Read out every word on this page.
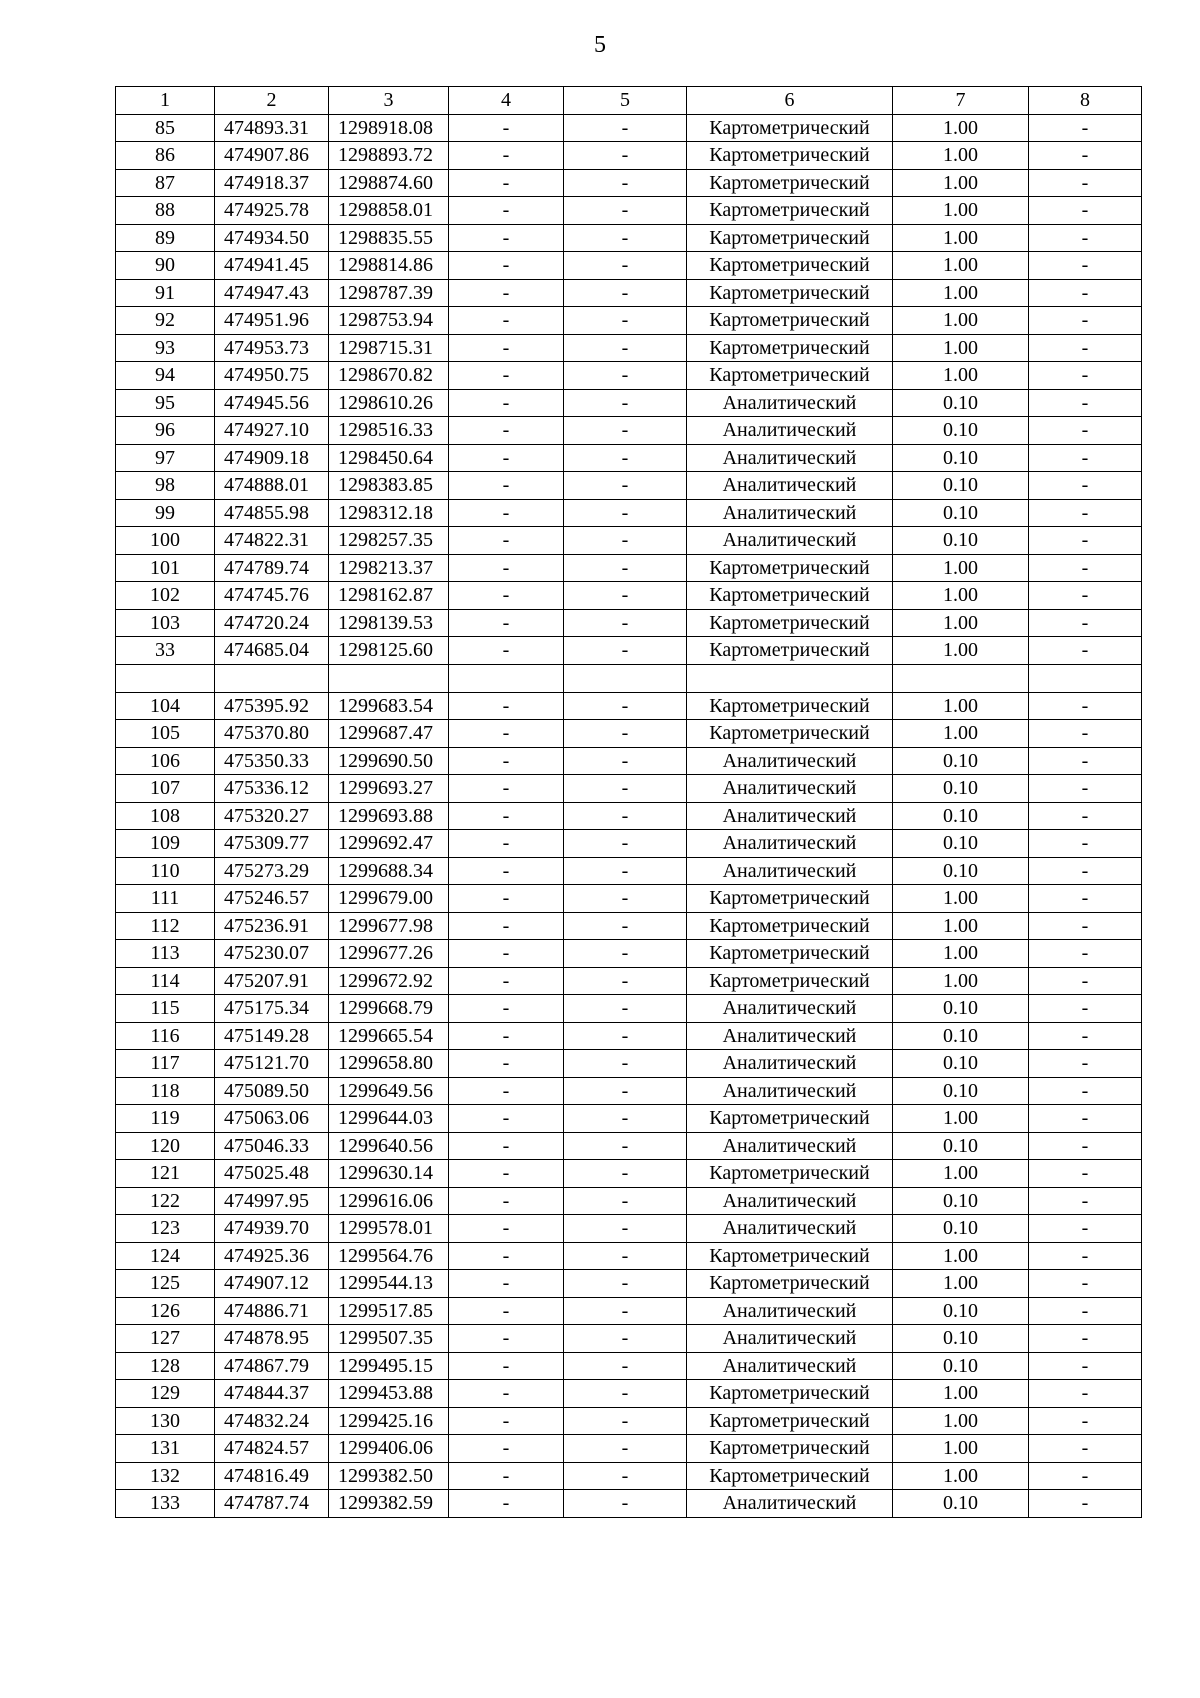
5
1	2	3	4	5	6	7	8
85	474893.31	1298918.08	-	-	Картометрический	1.00	-
86	474907.86	1298893.72	-	-	Картометрический	1.00	-
87	474918.37	1298874.60	-	-	Картометрический	1.00	-
88	474925.78	1298858.01	-	-	Картометрический	1.00	-
89	474934.50	1298835.55	-	-	Картометрический	1.00	-
90	474941.45	1298814.86	-	-	Картометрический	1.00	-
91	474947.43	1298787.39	-	-	Картометрический	1.00	-
92	474951.96	1298753.94	-	-	Картометрический	1.00	-
93	474953.73	1298715.31	-	-	Картометрический	1.00	-
94	474950.75	1298670.82	-	-	Картометрический	1.00	-
95	474945.56	1298610.26	-	-	Аналитический	0.10	-
96	474927.10	1298516.33	-	-	Аналитический	0.10	-
97	474909.18	1298450.64	-	-	Аналитический	0.10	-
98	474888.01	1298383.85	-	-	Аналитический	0.10	-
99	474855.98	1298312.18	-	-	Аналитический	0.10	-
100	474822.31	1298257.35	-	-	Аналитический	0.10	-
101	474789.74	1298213.37	-	-	Картометрический	1.00	-
102	474745.76	1298162.87	-	-	Картометрический	1.00	-
103	474720.24	1298139.53	-	-	Картометрический	1.00	-
33	474685.04	1298125.60	-	-	Картометрический	1.00	-

104	475395.92	1299683.54	-	-	Картометрический	1.00	-
105	475370.80	1299687.47	-	-	Картометрический	1.00	-
106	475350.33	1299690.50	-	-	Аналитический	0.10	-
107	475336.12	1299693.27	-	-	Аналитический	0.10	-
108	475320.27	1299693.88	-	-	Аналитический	0.10	-
109	475309.77	1299692.47	-	-	Аналитический	0.10	-
110	475273.29	1299688.34	-	-	Аналитический	0.10	-
111	475246.57	1299679.00	-	-	Картометрический	1.00	-
112	475236.91	1299677.98	-	-	Картометрический	1.00	-
113	475230.07	1299677.26	-	-	Картометрический	1.00	-
114	475207.91	1299672.92	-	-	Картометрический	1.00	-
115	475175.34	1299668.79	-	-	Аналитический	0.10	-
116	475149.28	1299665.54	-	-	Аналитический	0.10	-
117	475121.70	1299658.80	-	-	Аналитический	0.10	-
118	475089.50	1299649.56	-	-	Аналитический	0.10	-
119	475063.06	1299644.03	-	-	Картометрический	1.00	-
120	475046.33	1299640.56	-	-	Аналитический	0.10	-
121	475025.48	1299630.14	-	-	Картометрический	1.00	-
122	474997.95	1299616.06	-	-	Аналитический	0.10	-
123	474939.70	1299578.01	-	-	Аналитический	0.10	-
124	474925.36	1299564.76	-	-	Картометрический	1.00	-
125	474907.12	1299544.13	-	-	Картометрический	1.00	-
126	474886.71	1299517.85	-	-	Аналитический	0.10	-
127	474878.95	1299507.35	-	-	Аналитический	0.10	-
128	474867.79	1299495.15	-	-	Аналитический	0.10	-
129	474844.37	1299453.88	-	-	Картометрический	1.00	-
130	474832.24	1299425.16	-	-	Картометрический	1.00	-
131	474824.57	1299406.06	-	-	Картометрический	1.00	-
132	474816.49	1299382.50	-	-	Картометрический	1.00	-
133	474787.74	1299382.59	-	-	Аналитический	0.10	-
